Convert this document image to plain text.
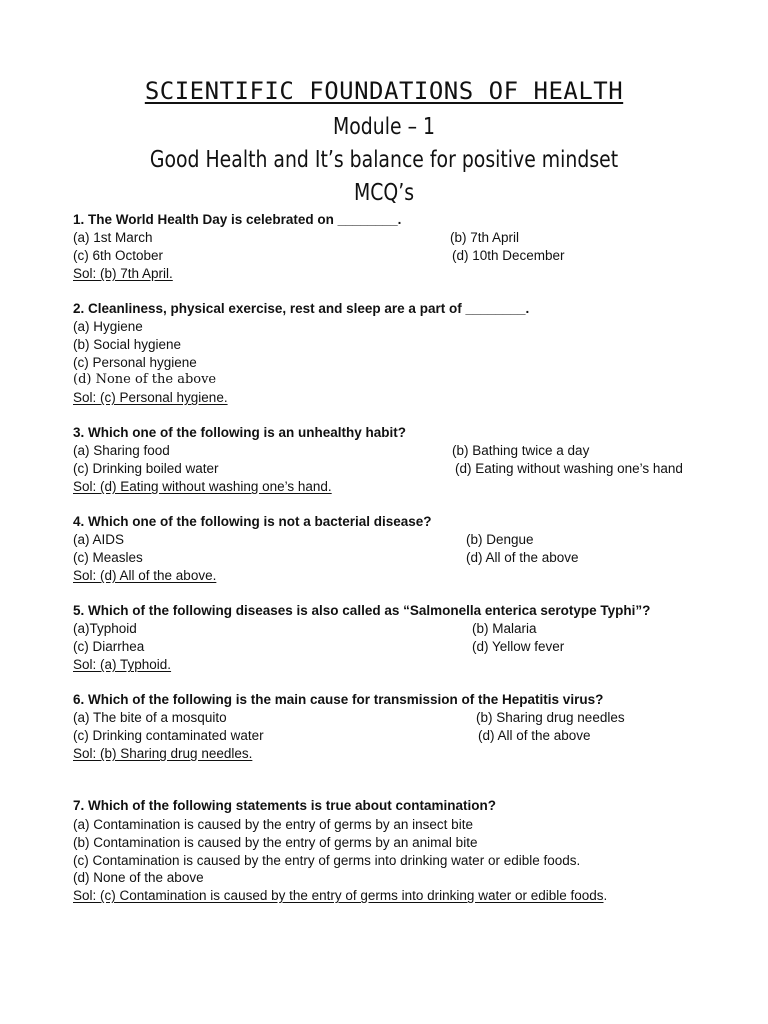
SCIENTIFIC FOUNDATIONS OF HEALTH
Module – 1
Good Health and It’s balance for positive mindset
MCQ’s
1. The World Health Day is celebrated on ________.
(a) 1st March	(b) 7th April
(c) 6th October	(d) 10th December
Sol: (b) 7th April.
2. Cleanliness, physical exercise, rest and sleep are a part of ________.
(a) Hygiene
(b) Social hygiene
(c) Personal hygiene
(d) None of the above
Sol: (c) Personal hygiene.
3. Which one of the following is an unhealthy habit?
(a) Sharing food	(b) Bathing twice a day
(c) Drinking boiled water	(d) Eating without washing one’s hand
Sol: (d) Eating without washing one’s hand.
4. Which one of the following is not a bacterial disease?
(a) AIDS	(b) Dengue
(c) Measles	(d) All of the above
Sol: (d) All of the above.
5. Which of the following diseases is also called as “Salmonella enterica serotype Typhi”?
(a)Typhoid	(b) Malaria
(c) Diarrhea	(d) Yellow fever
Sol: (a) Typhoid.
6. Which of the following is the main cause for transmission of the Hepatitis virus?
(a) The bite of a mosquito	(b) Sharing drug needles
(c) Drinking contaminated water	(d) All of the above
Sol: (b) Sharing drug needles.
7. Which of the following statements is true about contamination?
(a) Contamination is caused by the entry of germs by an insect bite
(b) Contamination is caused by the entry of germs by an animal bite
(c) Contamination is caused by the entry of germs into drinking water or edible foods.
(d) None of the above
Sol: (c) Contamination is caused by the entry of germs into drinking water or edible foods.
